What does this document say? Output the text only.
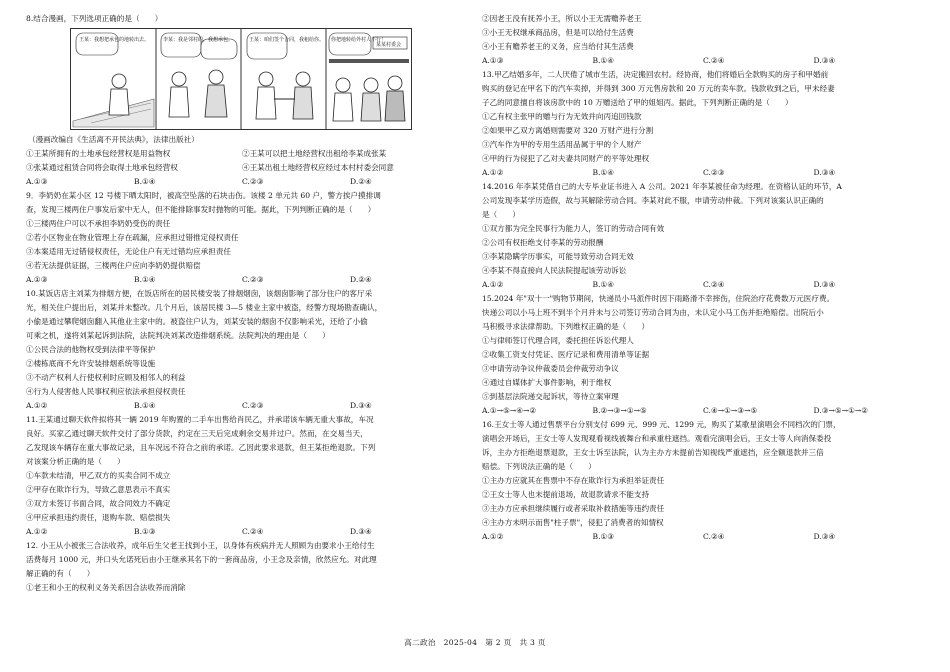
8.结合漫画，下列选项正确的是（　　）
王某：我想把承包的地转出去。	李某：我是邻村的，我想承包。	王某：咱们签个合同，我租给你。 你把地转给外村人不行！ 某某村委会
（漫画改编自《生活离不开民法典》，法律出版社）
①王某所拥有的土地承包经营权是用益物权	②王某可以把土地经营权出租给李某成张某
③张某通过租赁合同将会取得土地承包经营权	④王某出租土地经营权应经过本村村委会同意
A.①③	B.①④	C.②③	D.②④
9．李奶奶在某小区 12 号楼下晒太阳时，被高空坠落的石块击伤。该楼 2 单元共 60 户，警方挨户摸排调
查，发现三楼两住户事发后家中无人，但不能排除事发时抛物的可能。据此，下列判断正确的是（　　）
①三楼两住户可以不承担李奶奶受伤的责任
②若小区物业在物业管理上存在疏漏，应承担过错推定侵权责任
③本案适用无过错侵权责任，无论住户有无过错均应承担责任
④若无法提供证据，三楼两住户应向李奶奶提供赔偿
A.①③	B.①④	C.②③	D.②④
10.某饭店店主刘某为排烟方便，在饭店所在的居民楼安装了排烟烟囱，该烟囱影响了部分住户的客厅采
光，相关住户提出后，刘某并未整改。几个月后，该居民楼 3—5 楼业主家中被盗，经警方现场勘查确认，
小偷是通过攀爬烟囱翻入其他业主家中的。被盗住户认为，刘某安装的烟囱不仅影响采光，还给了小偷
可乘之机，遂将刘某起诉到法院，法院判决刘某改造排烟系统。法院判决的理由是（　　）
①公民合法的他物权受到法律平等保护
②楼栋底商不允许安装排烟系统等设施
③不动产权利人行使权利时应顾及相邻人的利益
④行为人侵害他人民事权利应依法承担侵权责任
A.①②	B.①④	C.②③	D.③④
11.王某通过聊天软件拟将其一辆 2019 年购置的二手车出售给肖民乙，并承诺该车辆无重大事故，车况
良好。买家乙通过聊天软件交付了部分货款，约定在三天后完成剩余交易并过户。然而，在交易当天，
乙发现该车辆存在重大事故记录，且车况远不符合之前的承诺。乙因此要求退款，但王某拒绝退款。下列
对该案分析正确的是（　　）
①车款未结清，甲乙双方的买卖合同不成立
②甲存在欺诈行为，导致乙意思表示不真实
③双方未签订书面合同，故合同效力不确定
④甲应承担违约责任，退购车款、赔偿损失
A.①②	B.①③	C.②④	D.③④
12. 小王从小被张三合法收养，成年后生父老王找到小王，以身体有疾病并无人照顾为由要求小王给付生
活费每月 1000 元，并口头允诺死后由小王继承其名下的一套商品房，小王念及亲情，欣然应允。对此理
解正确的有（　　）
①老王和小王的权利义务关系因合法收养而消除
②因老王没有抚养小王，所以小王无需赡养老王
③小王无权继承商品房，但是可以给付生活费
④小王有赡养老王的义务，应当给付其生活费
A.①③	B.①④	C.②④	D.③④
13.甲乙结婚多年，二人厌倦了城市生活，决定搬回农村。经协商，他们将婚后全款购买的房子和甲婚前
购买的登记在甲名下的汽车卖掉，并得到 300 万元售房款和 20 万元的卖车款。钱款收到之后，甲未经妻
子乙的同意擅自将该房款中的 10 万赠送给了甲的姐姐丙。据此，下列判断正确的是（　　）
①乙有权主张甲的赠与行为无效并向丙追回钱款
②如果甲乙双方离婚则需要对 320 万财产进行分割
③汽车作为甲的专用生活用品属于甲的个人财产
④甲的行为侵犯了乙对夫妻共同财产的平等处理权
A.①②	B.①④	C.②③	D.③④
14.2016 年李某凭借自己的大专毕业证书进入 A 公司。2021 年李某被任命为经理。在资格认证的环节，A
公司发现李某学历造假，故与其解除劳动合同。李某对此不服，申请劳动仲裁。下列对该案认识正确的
是（　　）
①双方都为完全民事行为能力人，签订的劳动合同有效
②公司有权拒绝支付李某的劳动报酬
③李某隐瞒学历事实，可能导致劳动合同无效
④李某不得直接向人民法院提起该劳动诉讼
A.①②	B.①④	C.②④	D.③④
15.2024 年"双十一"购物节期间，快递员小马派件时因下雨路滑不幸摔伤，住院治疗花费数万元医疗费。
快递公司以小马上班不到半个月并未与公司签订劳动合同为由，未认定小马工伤并拒绝赔偿。出院后小
马积极寻求法律帮助。下列维权正确的是（　　）
①与律师签订代理合同，委托担任诉讼代理人
②收集工资支付凭证、医疗记录和费用清单等证据
③申请劳动争议仲裁委员会仲裁劳动争议
④通过自媒体扩大事件影响，利于维权
⑤到基层法院递交起诉状，等待立案审理
A.①→⑤→④→②	B.②→③→①→⑤	C.④→①→③→⑤	D.③→⑤→①→②
16.王女士等人通过售票平台分别支付 699 元、999 元、1299 元，购买了某歌星演唱会不同档次的门票，
演唱会开场后，王女士等人发现观看视线被舞台和承重柱遮挡。观看完演唱会后，王女士等人向消保委投
诉，主办方拒绝退票退款，王女士诉至法院，认为主办方未提前告知视线严重遮挡，应全额退款并三倍
赔偿。下列说法正确的是（　　）
①主办方应就其在售票中不存在欺诈行为承担举证责任
②王女士等人也未提前退场，故退款请求不能支持
③主办方应承担继续履行或者采取补救措施等违约责任
④主办方未明示而售"柱子票"，侵犯了消费者的知情权
A.①②	B.①③	C.②④	D.③④
高二政治　2025-04　第 2 页　共 3 页
